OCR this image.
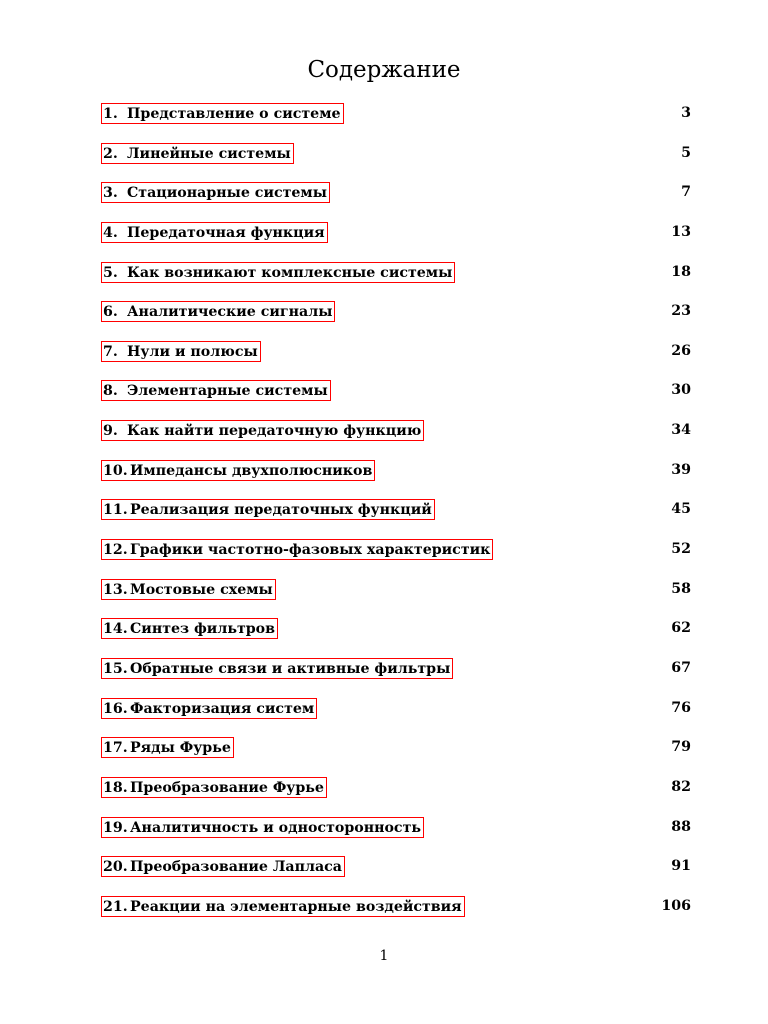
Содержание
1. Представление о системе	3
2. Линейные системы	5
3. Стационарные системы	7
4. Передаточная функция	13
5. Как возникают комплексные системы	18
6. Аналитические сигналы	23
7. Нули и полюсы	26
8. Элементарные системы	30
9. Как найти передаточную функцию	34
10. Импедансы двухполюсников	39
11. Реализация передаточных функций	45
12. Графики частотно-фазовых характеристик	52
13. Мостовые схемы	58
14. Синтез фильтров	62
15. Обратные связи и активные фильтры	67
16. Факторизация систем	76
17. Ряды Фурье	79
18. Преобразование Фурье	82
19. Аналитичность и односторонность	88
20. Преобразование Лапласа	91
21. Реакции на элементарные воздействия	106
1
